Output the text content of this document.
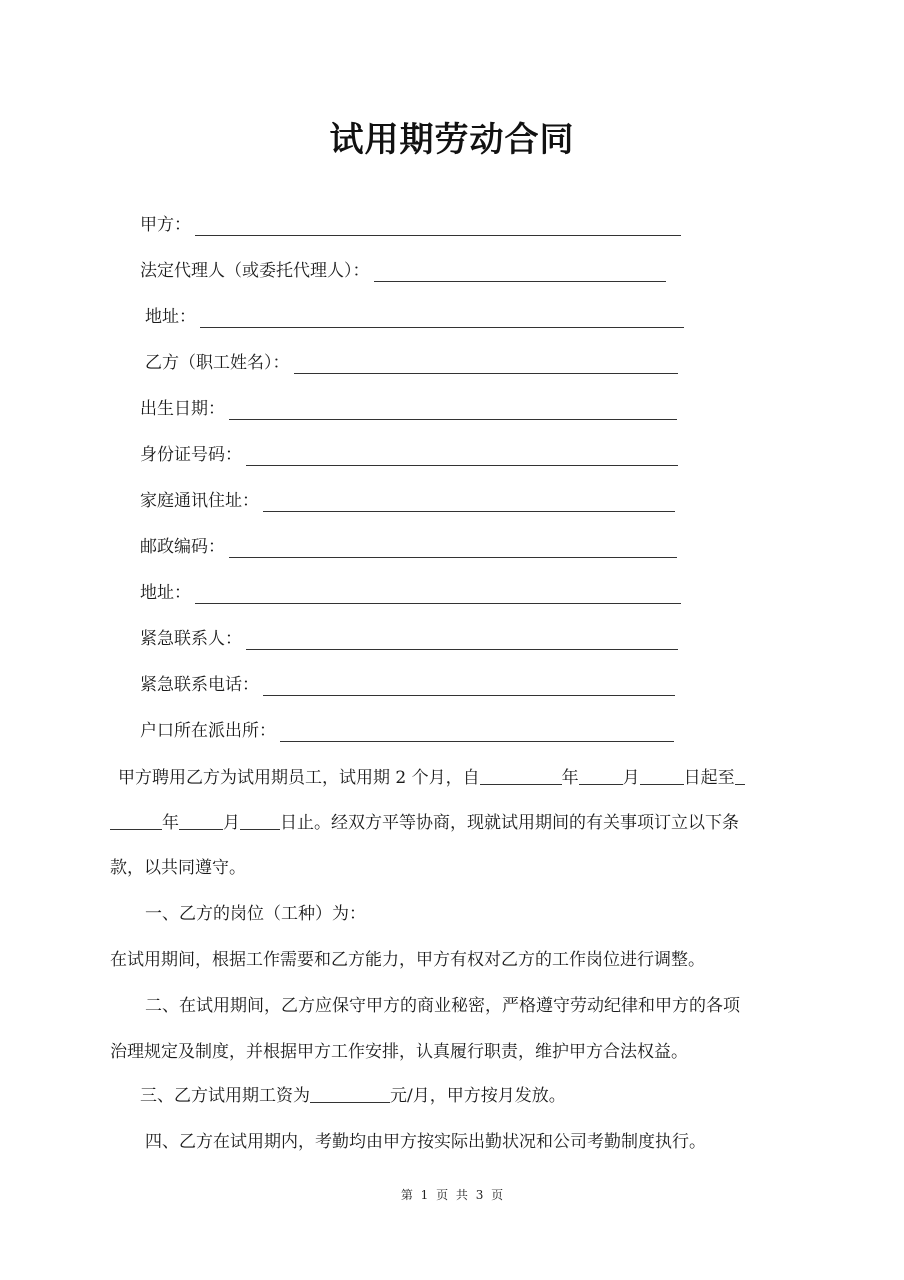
试用期劳动合同
甲方：
法定代理人（或委托代理人）：
地址：
乙方（职工姓名）：
出生日期：
身份证号码：
家庭通讯住址：
邮政编码：
地址：
紧急联系人：
紧急联系电话：
户口所在派出所：
甲方聘用乙方为试用期员工，试用期 2 个月，自	年	月	日起至
年	月 日止。经双方平等协商，现就试用期间的有关事项订立以下条
款，以共同遵守。
一、乙方的岗位（工种）为：
在试用期间，根据工作需要和乙方能力，甲方有权对乙方的工作岗位进行调整。
二、在试用期间，乙方应保守甲方的商业秘密，严格遵守劳动纪律和甲方的各项
治理规定及制度，并根据甲方工作安排，认真履行职责，维护甲方合法权益。
三、乙方试用期工资为	元/月，甲方按月发放。
四、乙方在试用期内，考勤均由甲方按实际出勤状况和公司考勤制度执行。
第 1 页 共 3 页
